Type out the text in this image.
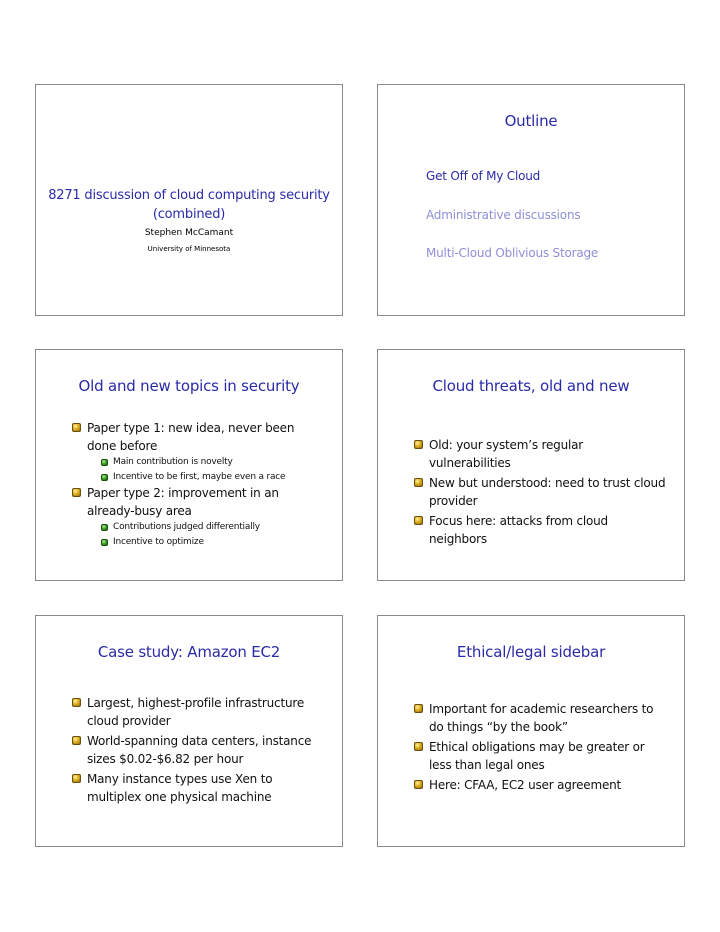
8271 discussion of cloud computing security
(combined)
Stephen McCamant
University of Minnesota
Outline
Get Off of My Cloud
Administrative discussions
Multi-Cloud Oblivious Storage
Old and new topics in security
Paper type 1: new idea, never been done before
Main contribution is novelty
Incentive to be first, maybe even a race
Paper type 2: improvement in an already-busy area
Contributions judged differentially
Incentive to optimize
Cloud threats, old and new
Old: your system’s regular vulnerabilities
New but understood: need to trust cloud provider
Focus here: attacks from cloud neighbors
Case study: Amazon EC2
Largest, highest-profile infrastructure cloud provider
World-spanning data centers, instance sizes $0.02-$6.82 per hour
Many instance types use Xen to multiplex one physical machine
Ethical/legal sidebar
Important for academic researchers to do things “by the book”
Ethical obligations may be greater or less than legal ones
Here: CFAA, EC2 user agreement
